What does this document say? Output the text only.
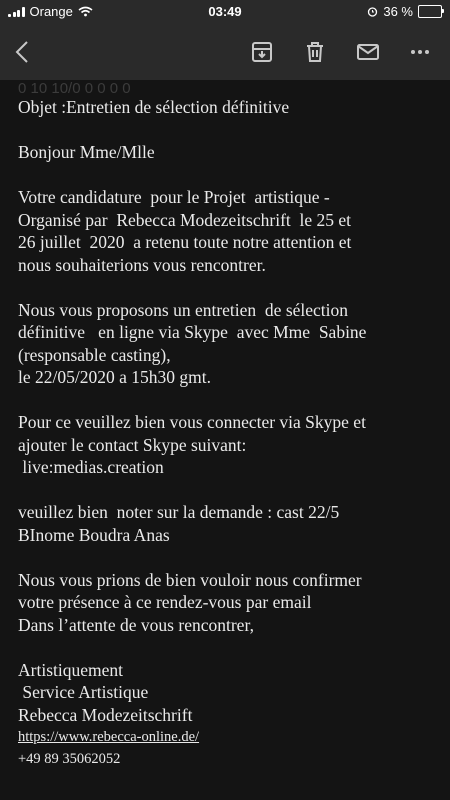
Orange	03:49	36 %
0 10 10/0 0 0 0 0

Objet :Entretien de sélection définitive

Bonjour Mme/Mlle

Votre candidature  pour le Projet  artistique -

Organisé par  Rebecca Modezeitschrift  le 25 et

26 juillet  2020  a retenu toute notre attention et

nous souhaiterions vous rencontrer.

Nous vous proposons un entretien  de sélection

définitive   en ligne via Skype  avec Mme  Sabine

(responsable casting),

le 22/05/2020 a 15h30 gmt.

Pour ce veuillez bien vous connecter via Skype et

ajouter le contact Skype suivant:

live:medias.creation

veuillez bien  noter sur la demande : cast 22/5

BInome Boudra Anas

Nous vous prions de bien vouloir nous confirmer

votre présence à ce rendez-vous par email

Dans l’attente de vous rencontrer,

Artistiquement

Service Artistique

Rebecca Modezeitschrift

https://www.rebecca-online.de/

+49 89 35062052
